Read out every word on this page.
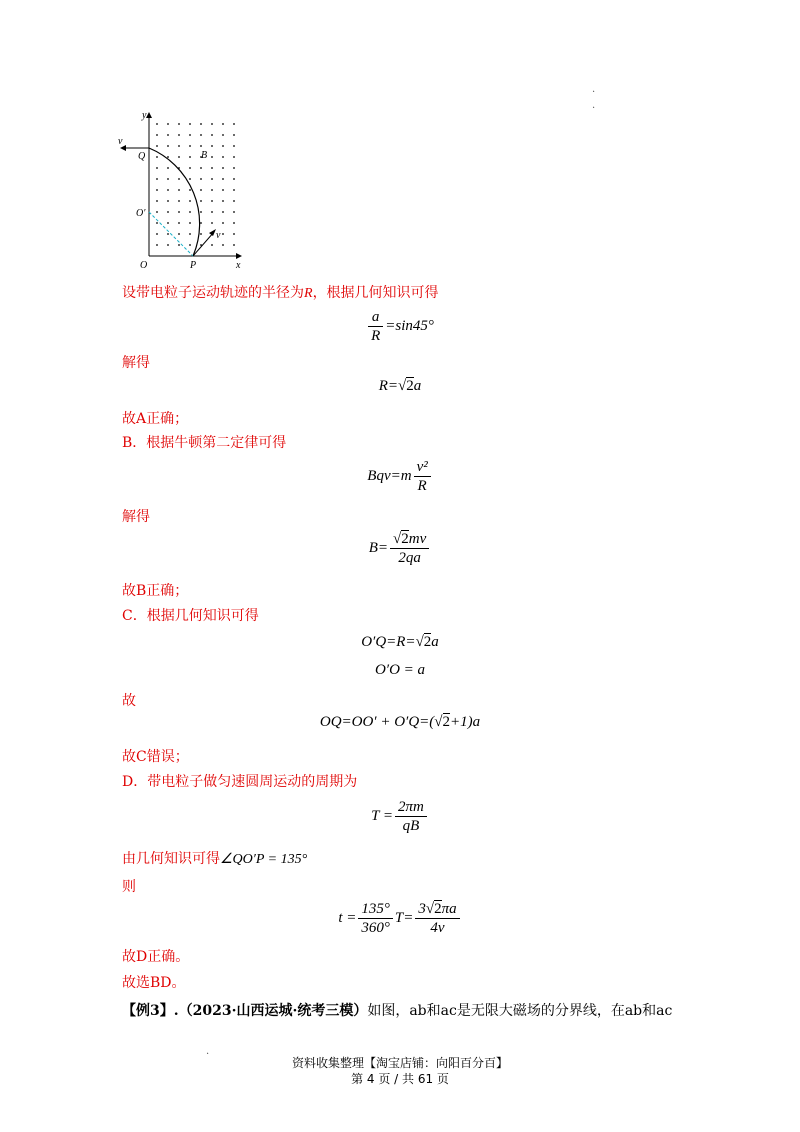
.
.
y
x
O
v
Q	B
O′
P
v
设带电粒子运动轨迹的半径为R，根据几何知识可得
$\frac{a}{R} =\sin 45^\circ$
解得
R=√2a
故A正确；
B．根据牛顿第二定律可得
$Bqv=m \frac{\text{v²}}{R}$
解得
$B= \frac{√2mv}{2qa}$
故B正确；
C．根据几何知识可得
O′Q=R=√2a
O′O = a
故
OQ=OO′ + O′Q=(√2+1)a
故C错误；
D．带电粒子做匀速圆周运动的周期为
$T = \frac{2\pi m}{qB}$
由几何知识可得∠QO′P = 135°
则
$t = \frac{135^\circ}{360^\circ} T= \frac{3√2\pi a}{4v}$
故D正确。
故选BD。
【例3】.（2023·山西运城·统考三模）如图，ab和ac是无限大磁场的分界线，在ab和ac
.
资料收集整理【淘宝店铺：向阳百分百】
第 4 页 / 共 61 页
